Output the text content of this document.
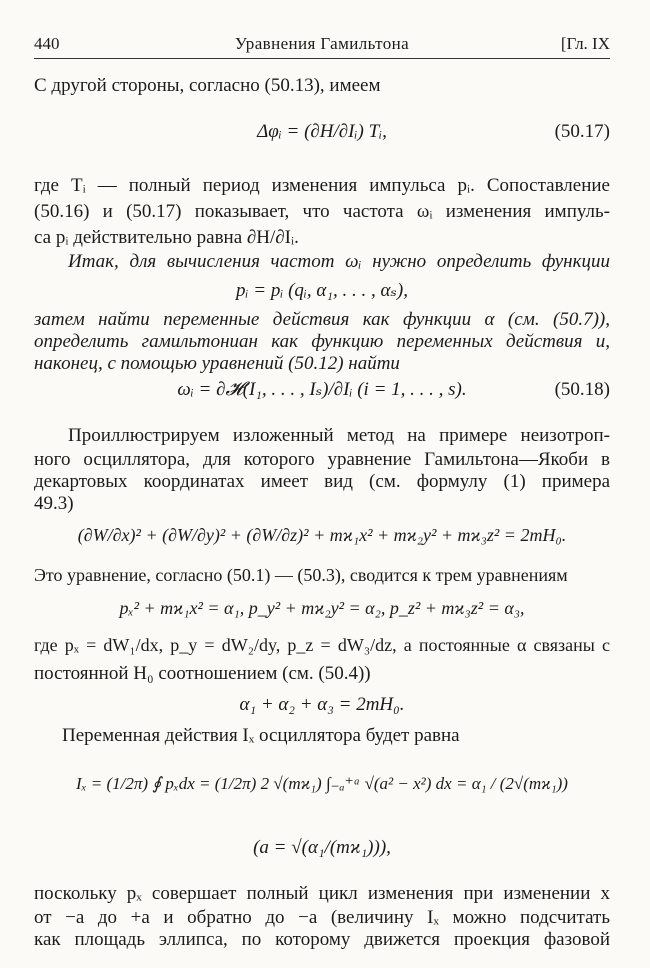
440	Уравнения Гамильтона	[Гл. IX
С другой стороны, согласно (50.13), имеем
Δφᵢ = (∂H/∂Iᵢ) Tᵢ,	(50.17)
где Tᵢ — полный период изменения импульса pᵢ. Сопоставление
(50.16) и (50.17) показывает, что частота ωᵢ изменения импуль-
са pᵢ действительно равна ∂H/∂Iᵢ.
Итак, для вычисления частот ωᵢ нужно определить функции
pᵢ = pᵢ (qᵢ, α₁, . . . , αₛ),
затем найти переменные действия как функции α (см. (50.7)),
определить гамильтониан как функцию переменных действия и,
наконец, с помощью уравнений (50.12) найти
ωᵢ = ∂𝓗(I₁, . . . , Iₛ)/∂Iᵢ (i = 1, . . . , s).	(50.18)
Проиллюстрируем изложенный метод на примере неизотроп-
ного осциллятора, для которого уравнение Гамильтона—Якоби в
декартовых координатах имеет вид (см. формулу (1) примера
49.3)
(∂W/∂x)² + (∂W/∂y)² + (∂W/∂z)² + mϰ₁x² + mϰ₂y² + mϰ₃z² = 2mH₀.
Это уравнение, согласно (50.1) — (50.3), сводится к трем уравнениям
pₓ² + mϰ₁x² = α₁, p_y² + mϰ₂y² = α₂, p_z² + mϰ₃z² = α₃,
где pₓ = dW₁/dx, p_y = dW₂/dy, p_z = dW₃/dz, а постоянные α связаны с
постоянной H₀ соотношением (см. (50.4))
α₁ + α₂ + α₃ = 2mH₀.
Переменная действия Iₓ осциллятора будет равна
Iₓ = (1/2π) ∮ pₓdx = (1/2π) 2 √(mϰ₁) ∫₋ₐ⁺ᵃ √(a² − x²) dx = α₁ / (2√(mϰ₁))
(a = √(α₁/(mϰ₁))),
поскольку pₓ совершает полный цикл изменения при изменении x
от −a до +a и обратно до −a (величину Iₓ можно подсчитать
как площадь эллипса, по которому движется проекция фазовой
